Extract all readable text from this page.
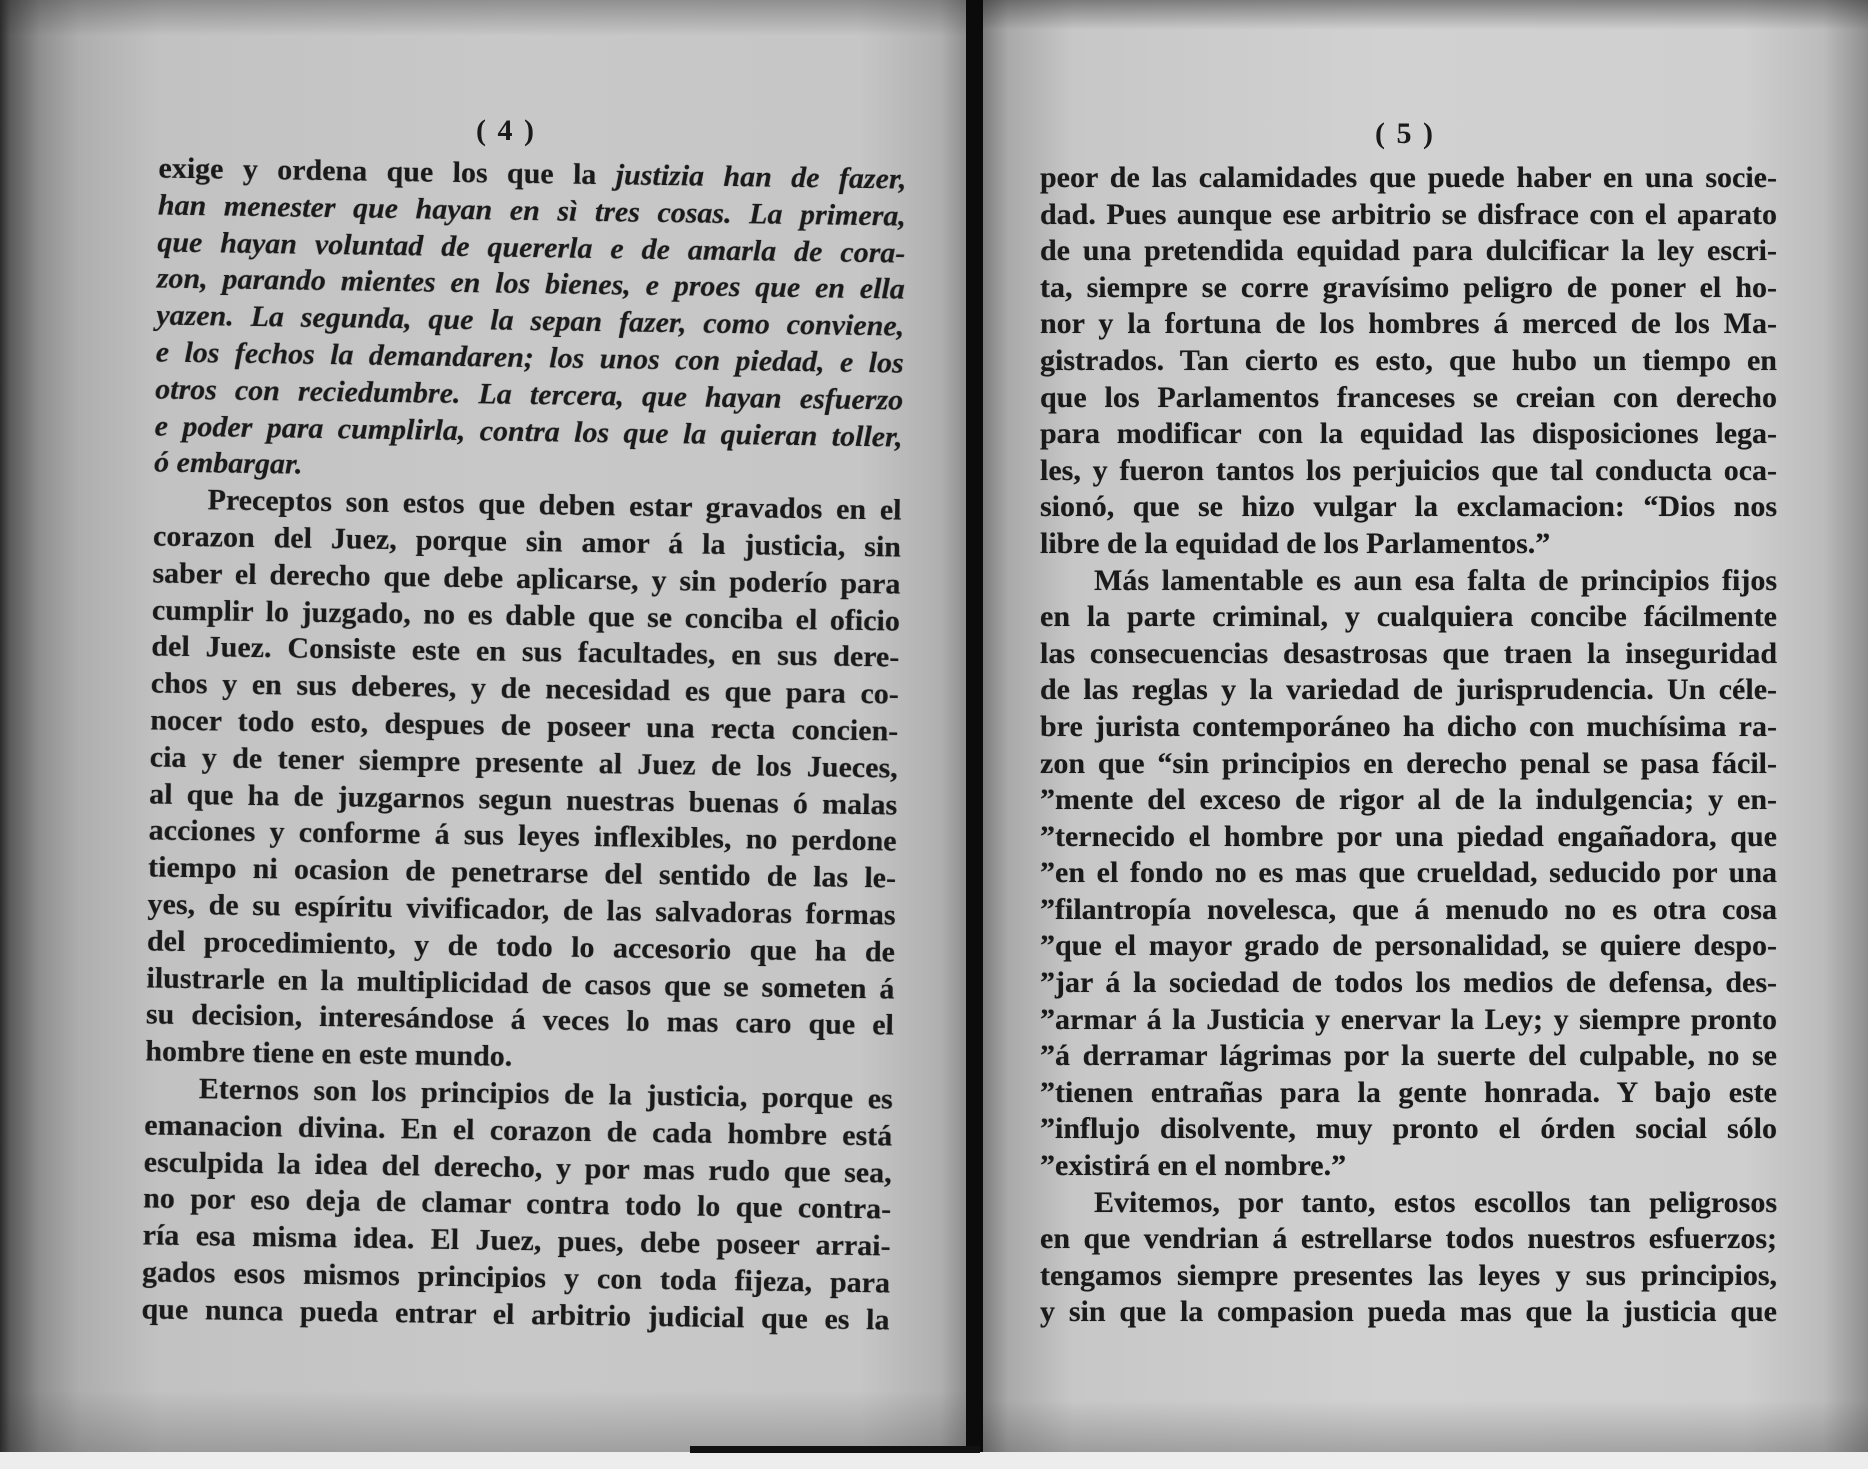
( 4 )
exige y ordena que los que la justizia han de fazer,
han menester que hayan en sì tres cosas. La primera,
que hayan voluntad de quererla e de amarla de cora-
zon, parando mientes en los bienes, e proes que en ella
yazen. La segunda, que la sepan fazer, como conviene,
e los fechos la demandaren; los unos con piedad, e los
otros con reciedumbre. La tercera, que hayan esfuerzo
e poder para cumplirla, contra los que la quieran toller,
ó embargar.
Preceptos son estos que deben estar gravados en el
corazon del Juez, porque sin amor á la justicia, sin
saber el derecho que debe aplicarse, y sin poderío para
cumplir lo juzgado, no es dable que se conciba el oficio
del Juez. Consiste este en sus facultades, en sus dere-
chos y en sus deberes, y de necesidad es que para co-
nocer todo esto, despues de poseer una recta concien-
cia y de tener siempre presente al Juez de los Jueces,
al que ha de juzgarnos segun nuestras buenas ó malas
acciones y conforme á sus leyes inflexibles, no perdone
tiempo ni ocasion de penetrarse del sentido de las le-
yes, de su espíritu vivificador, de las salvadoras formas
del procedimiento, y de todo lo accesorio que ha de
ilustrarle en la multiplicidad de casos que se someten á
su decision, interesándose á veces lo mas caro que el
hombre tiene en este mundo.
Eternos son los principios de la justicia, porque es
emanacion divina. En el corazon de cada hombre está
esculpida la idea del derecho, y por mas rudo que sea,
no por eso deja de clamar contra todo lo que contra-
ría esa misma idea. El Juez, pues, debe poseer arrai-
gados esos mismos principios y con toda fijeza, para
que nunca pueda entrar el arbitrio judicial que es la
( 5 )
peor de las calamidades que puede haber en una socie-
dad. Pues aunque ese arbitrio se disfrace con el aparato
de una pretendida equidad para dulcificar la ley escri-
ta, siempre se corre gravísimo peligro de poner el ho-
nor y la fortuna de los hombres á merced de los Ma-
gistrados. Tan cierto es esto, que hubo un tiempo en
que los Parlamentos franceses se creian con derecho
para modificar con la equidad las disposiciones lega-
les, y fueron tantos los perjuicios que tal conducta oca-
sionó, que se hizo vulgar la exclamacion: “Dios nos
libre de la equidad de los Parlamentos.”
Más lamentable es aun esa falta de principios fijos
en la parte criminal, y cualquiera concibe fácilmente
las consecuencias desastrosas que traen la inseguridad
de las reglas y la variedad de jurisprudencia. Un céle-
bre jurista contemporáneo ha dicho con muchísima ra-
zon que “sin principios en derecho penal se pasa fácil-
”mente del exceso de rigor al de la indulgencia; y en-
”ternecido el hombre por una piedad engañadora, que
”en el fondo no es mas que crueldad, seducido por una
”filantropía novelesca, que á menudo no es otra cosa
”que el mayor grado de personalidad, se quiere despo-
”jar á la sociedad de todos los medios de defensa, des-
”armar á la Justicia y enervar la Ley; y siempre pronto
”á derramar lágrimas por la suerte del culpable, no se
”tienen entrañas para la gente honrada. Y bajo este
”influjo disolvente, muy pronto el órden social sólo
”existirá en el nombre.”
Evitemos, por tanto, estos escollos tan peligrosos
en que vendrian á estrellarse todos nuestros esfuerzos;
tengamos siempre presentes las leyes y sus principios,
y sin que la compasion pueda mas que la justicia que
